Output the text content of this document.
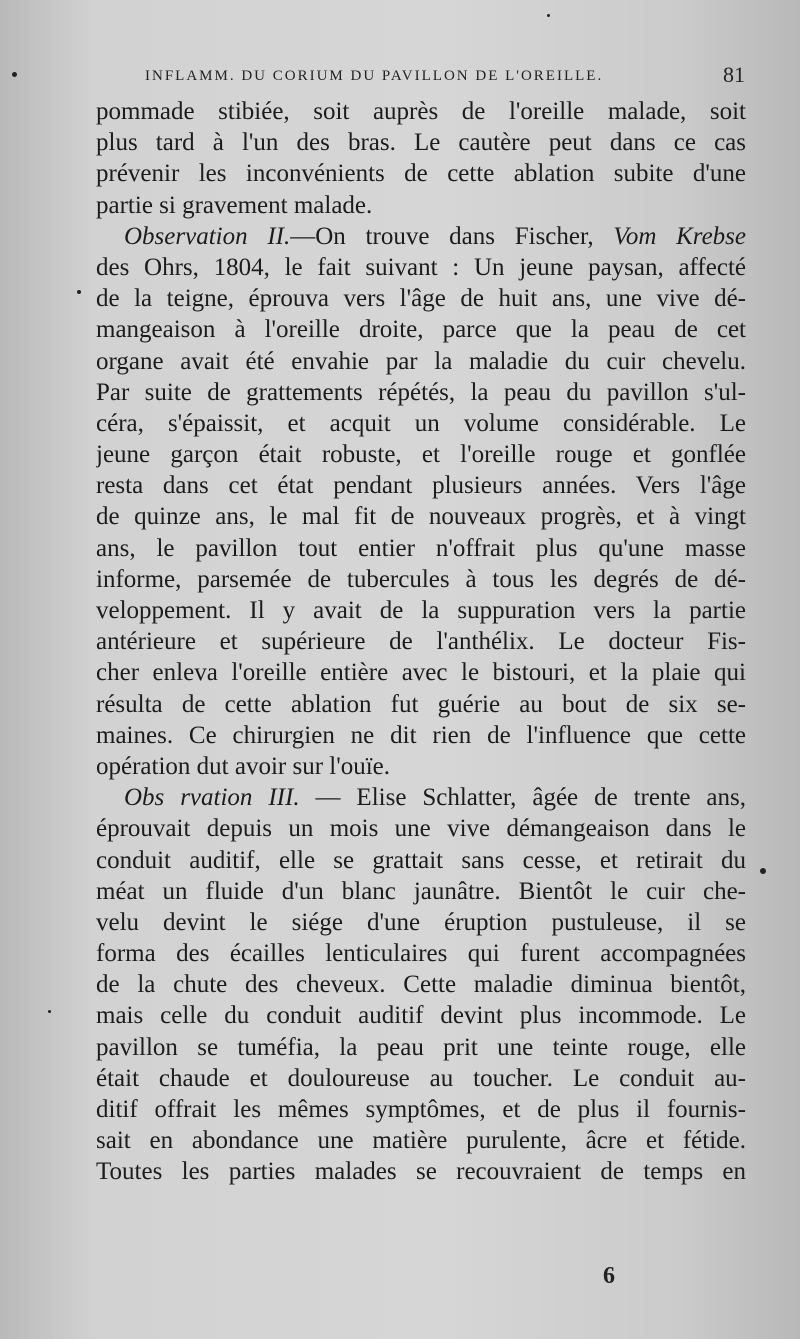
INFLAMM. DU CORIUM DU PAVILLON DE L'OREILLE.	81
pommade stibiée, soit auprès de l'oreille malade, soit
plus tard à l'un des bras. Le cautère peut dans ce cas
prévenir les inconvénients de cette ablation subite d'une
partie si gravement malade.
Observation II.—On trouve dans Fischer, Vom Krebse
des Ohrs, 1804, le fait suivant : Un jeune paysan, affecté
de la teigne, éprouva vers l'âge de huit ans, une vive dé-
mangeaison à l'oreille droite, parce que la peau de cet
organe avait été envahie par la maladie du cuir chevelu.
Par suite de grattements répétés, la peau du pavillon s'ul-
céra, s'épaissit, et acquit un volume considérable. Le
jeune garçon était robuste, et l'oreille rouge et gonflée
resta dans cet état pendant plusieurs années. Vers l'âge
de quinze ans, le mal fit de nouveaux progrès, et à vingt
ans, le pavillon tout entier n'offrait plus qu'une masse
informe, parsemée de tubercules à tous les degrés de dé-
veloppement. Il y avait de la suppuration vers la partie
antérieure et supérieure de l'anthélix. Le docteur Fis-
cher enleva l'oreille entière avec le bistouri, et la plaie qui
résulta de cette ablation fut guérie au bout de six se-
maines. Ce chirurgien ne dit rien de l'influence que cette
opération dut avoir sur l'ouïe.
Obs rvation III. — Elise Schlatter, âgée de trente ans,
éprouvait depuis un mois une vive démangeaison dans le
conduit auditif, elle se grattait sans cesse, et retirait du
méat un fluide d'un blanc jaunâtre. Bientôt le cuir che-
velu devint le siége d'une éruption pustuleuse, il se
forma des écailles lenticulaires qui furent accompagnées
de la chute des cheveux. Cette maladie diminua bientôt,
mais celle du conduit auditif devint plus incommode. Le
pavillon se tuméfia, la peau prit une teinte rouge, elle
était chaude et douloureuse au toucher. Le conduit au-
ditif offrait les mêmes symptômes, et de plus il fournis-
sait en abondance une matière purulente, âcre et fétide.
Toutes les parties malades se recouvraient de temps en
6
